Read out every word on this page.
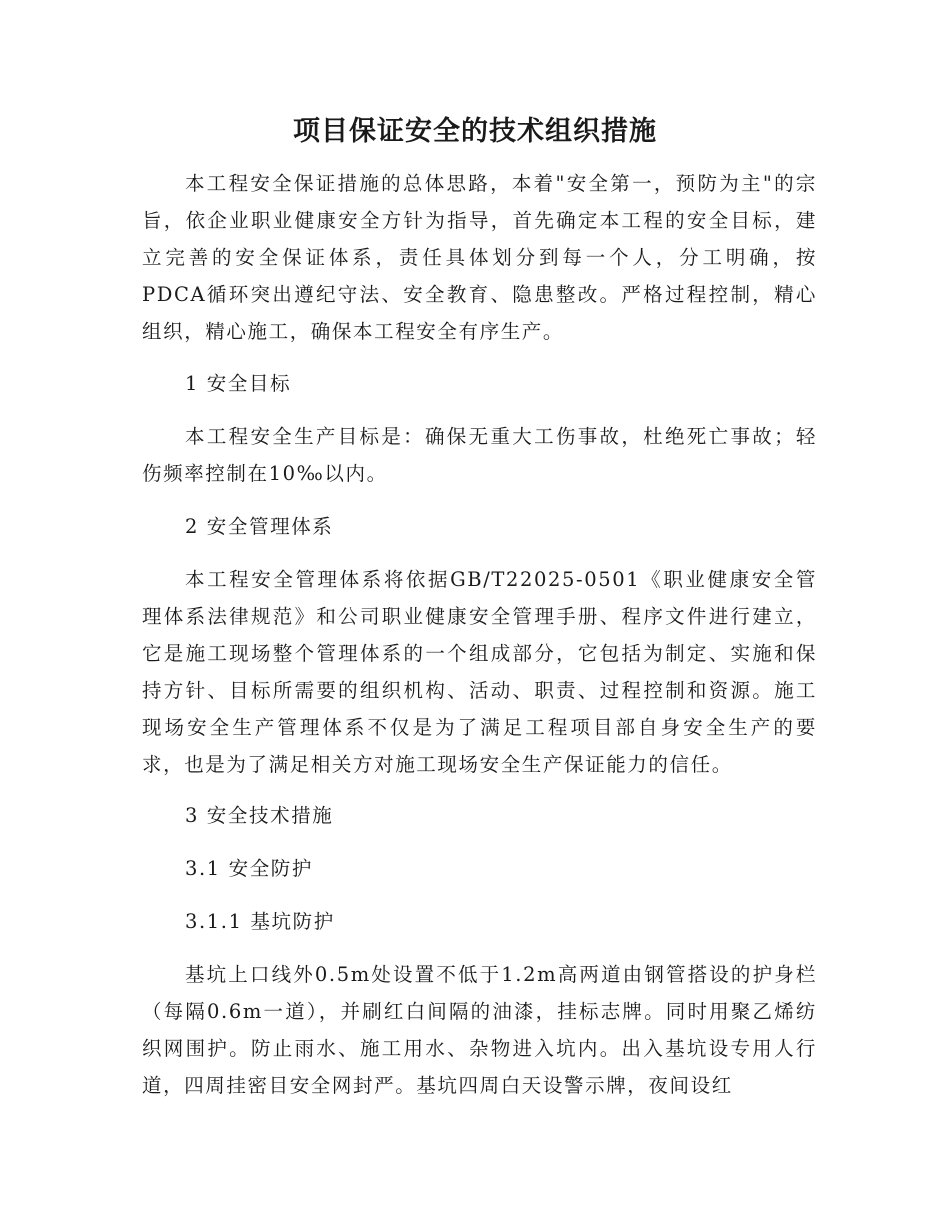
项目保证安全的技术组织措施

本工程安全保证措施的总体思路，本着"安全第一，预防为主"的宗旨，依企业职业健康安全方针为指导，首先确定本工程的安全目标，建立完善的安全保证体系，责任具体划分到每一个人，分工明确，按PDCA循环突出遵纪守法、安全教育、隐患整改。严格过程控制，精心组织，精心施工，确保本工程安全有序生产。

1 安全目标

本工程安全生产目标是：确保无重大工伤事故，杜绝死亡事故；轻伤频率控制在10‰以内。

2 安全管理体系

本工程安全管理体系将依据GB/T22025-0501《职业健康安全管理体系法律规范》和公司职业健康安全管理手册、程序文件进行建立，它是施工现场整个管理体系的一个组成部分，它包括为制定、实施和保持方针、目标所需要的组织机构、活动、职责、过程控制和资源。施工现场安全生产管理体系不仅是为了满足工程项目部自身安全生产的要求，也是为了满足相关方对施工现场安全生产保证能力的信任。

3 安全技术措施

3.1 安全防护

3.1.1 基坑防护

基坑上口线外0.5m处设置不低于1.2m高两道由钢管搭设的护身栏（每隔0.6m一道），并刷红白间隔的油漆，挂标志牌。同时用聚乙烯纺织网围护。防止雨水、施工用水、杂物进入坑内。出入基坑设专用人行道，四周挂密目安全网封严。基坑四周白天设警示牌，夜间设红
